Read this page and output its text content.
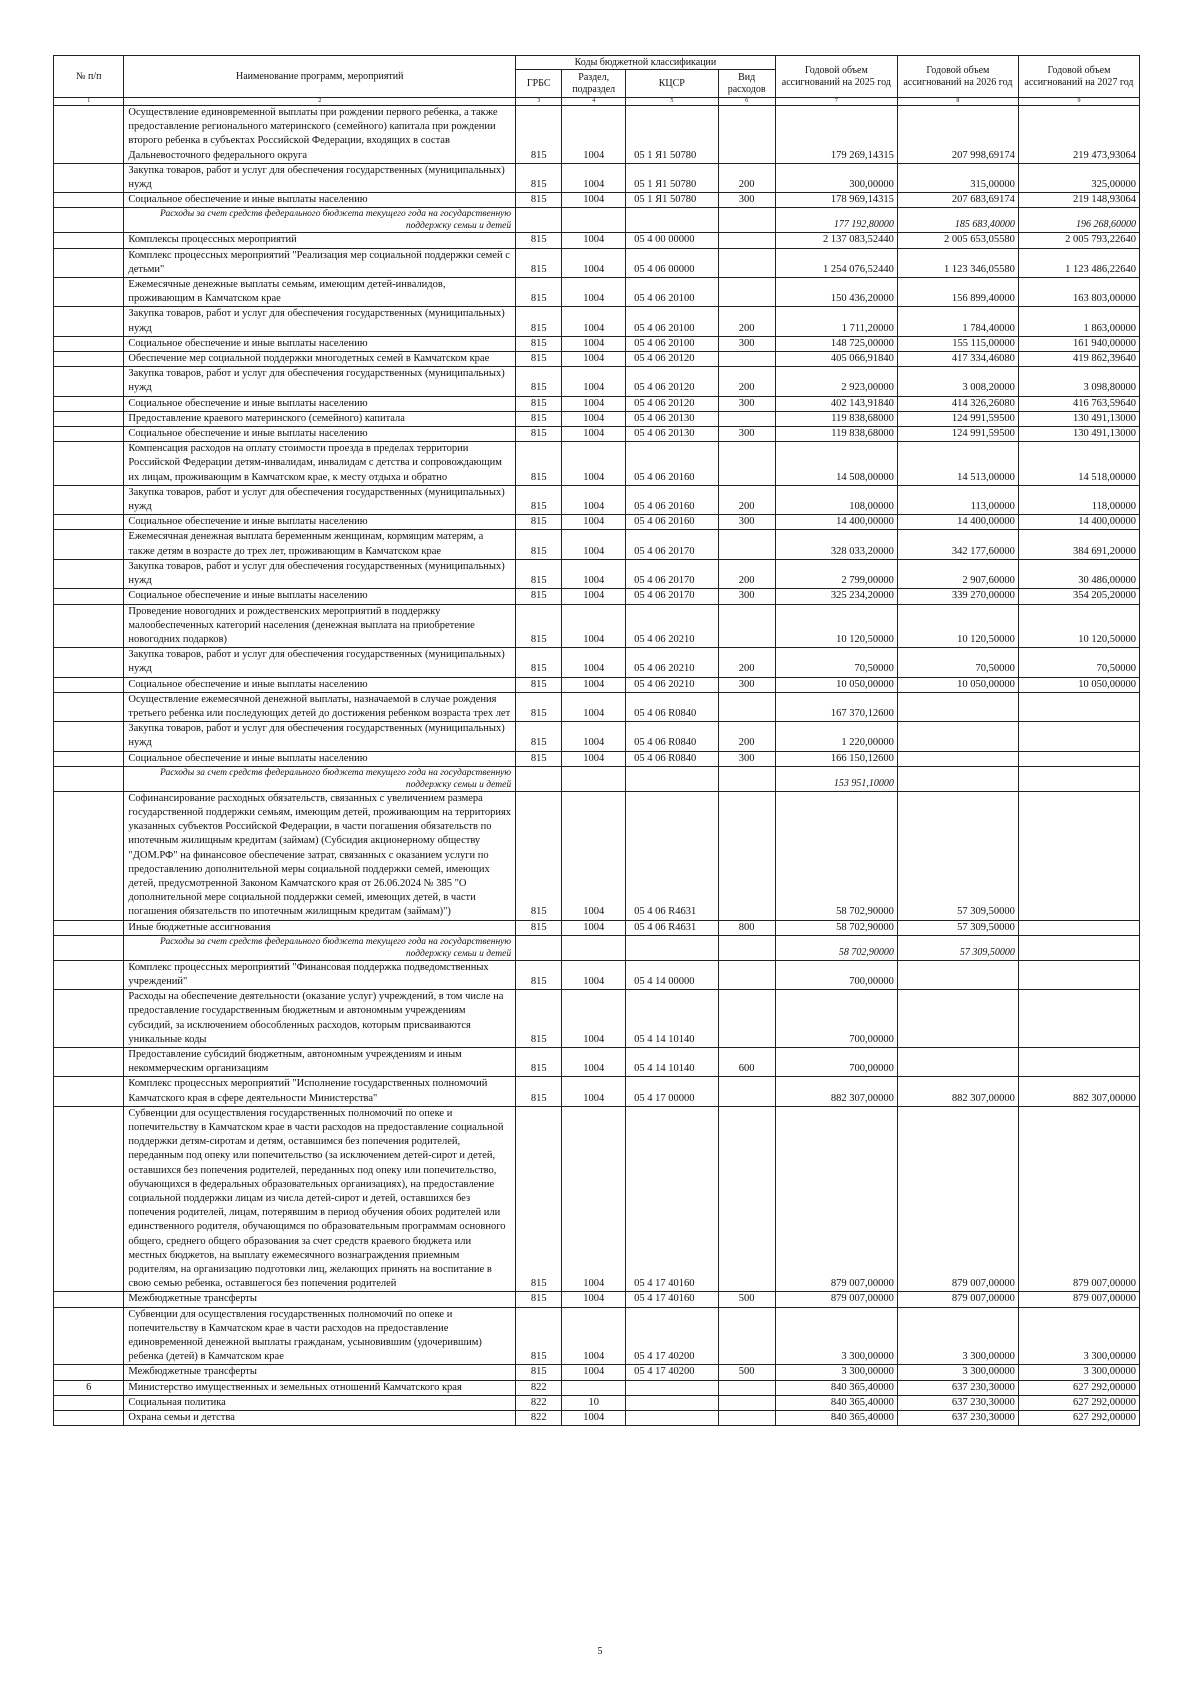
№ п/п	Наименование программ, мероприятий	Коды бюджетной классификации				Годовой объем ассигнований на 2025 год	Годовой объем ассигнований на 2026 год	Годовой объем ассигнований на 2027 год
		ГРБС	Раздел, подраздел	КЦСР	Вид расходов			
1	2	3	4	5	6	7	8	9
	Осуществление единовременной выплаты при рождении первого ребенка, а также предоставление регионального материнского (семейного) капитала при рождении второго ребенка в субъектах Российской Федерации, входящих в состав Дальневосточного федерального округа	815	1004	05 1 Я1 50780		179 269,14315	207 998,69174	219 473,93064
	Закупка товаров, работ и услуг для обеспечения государственных (муниципальных) нужд	815	1004	05 1 Я1 50780	200	300,00000	315,00000	325,00000
	Социальное обеспечение и иные выплаты населению	815	1004	05 1 Я1 50780	300	178 969,14315	207 683,69174	219 148,93064
	Расходы за счет средств федерального бюджета текущего года на государственную поддержку семьи и детей					177 192,80000	185 683,40000	196 268,60000
	Комплексы процессных мероприятий	815	1004	05 4 00 00000		2 137 083,52440	2 005 653,05580	2 005 793,22640
	Комплекс процессных мероприятий "Реализация мер социальной поддержки семей с детьми"	815	1004	05 4 06 00000		1 254 076,52440	1 123 346,05580	1 123 486,22640
	Ежемесячные денежные выплаты семьям, имеющим детей-инвалидов, проживающим в Камчатском крае	815	1004	05 4 06 20100		150 436,20000	156 899,40000	163 803,00000
	Закупка товаров, работ и услуг для обеспечения государственных (муниципальных) нужд	815	1004	05 4 06 20100	200	1 711,20000	1 784,40000	1 863,00000
	Социальное обеспечение и иные выплаты населению	815	1004	05 4 06 20100	300	148 725,00000	155 115,00000	161 940,00000
	Обеспечение мер социальной поддержки многодетных семей в Камчатском крае	815	1004	05 4 06 20120		405 066,91840	417 334,46080	419 862,39640
	Закупка товаров, работ и услуг для обеспечения государственных (муниципальных) нужд	815	1004	05 4 06 20120	200	2 923,00000	3 008,20000	3 098,80000
	Социальное обеспечение и иные выплаты населению	815	1004	05 4 06 20120	300	402 143,91840	414 326,26080	416 763,59640
	Предоставление краевого материнского (семейного) капитала	815	1004	05 4 06 20130		119 838,68000	124 991,59500	130 491,13000
	Социальное обеспечение и иные выплаты населению	815	1004	05 4 06 20130	300	119 838,68000	124 991,59500	130 491,13000
	Компенсация расходов на оплату стоимости проезда в пределах территории Российской Федерации детям-инвалидам, инвалидам с детства и сопровождающим их лицам, проживающим в Камчатском крае, к месту отдыха и обратно	815	1004	05 4 06 20160		14 508,00000	14 513,00000	14 518,00000
	Закупка товаров, работ и услуг для обеспечения государственных (муниципальных) нужд	815	1004	05 4 06 20160	200	108,00000	113,00000	118,00000
	Социальное обеспечение и иные выплаты населению	815	1004	05 4 06 20160	300	14 400,00000	14 400,00000	14 400,00000
	Ежемесячная денежная выплата беременным женщинам, кормящим матерям, а также детям в возрасте до трех лет, проживающим в Камчатском крае	815	1004	05 4 06 20170		328 033,20000	342 177,60000	384 691,20000
	Закупка товаров, работ и услуг для обеспечения государственных (муниципальных) нужд	815	1004	05 4 06 20170	200	2 799,00000	2 907,60000	30 486,00000
	Социальное обеспечение и иные выплаты населению	815	1004	05 4 06 20170	300	325 234,20000	339 270,00000	354 205,20000
	Проведение новогодних и рождественских мероприятий в поддержку малообеспеченных категорий населения (денежная выплата на приобретение новогодних подарков)	815	1004	05 4 06 20210		10 120,50000	10 120,50000	10 120,50000
	Закупка товаров, работ и услуг для обеспечения государственных (муниципальных) нужд	815	1004	05 4 06 20210	200	70,50000	70,50000	70,50000
	Социальное обеспечение и иные выплаты населению	815	1004	05 4 06 20210	300	10 050,00000	10 050,00000	10 050,00000
	Осуществление ежемесячной денежной выплаты, назначаемой в случае рождения третьего ребенка или последующих детей до достижения ребенком возраста трех лет	815	1004	05 4 06 R0840		167 370,12600		
	Закупка товаров, работ и услуг для обеспечения государственных (муниципальных) нужд	815	1004	05 4 06 R0840	200	1 220,00000		
	Социальное обеспечение и иные выплаты населению	815	1004	05 4 06 R0840	300	166 150,12600		
	Расходы за счет средств федерального бюджета текущего года на государственную поддержку семьи и детей					153 951,10000		
	Софинансирование расходных обязательств, связанных с увеличением размера государственной поддержки семьям, имеющим детей, проживающим на территориях указанных субъектов Российской Федерации, в части погашения обязательств по ипотечным жилищным кредитам (займам) (Субсидия акционерному обществу "ДОМ.РФ" на финансовое обеспечение затрат, связанных с оказанием услуги по предоставлению дополнительной меры социальной поддержки семей, имеющих детей, предусмотренной Законом Камчатского края от 26.06.2024 № 385 "О дополнительной мере социальной поддержки семей, имеющих детей, в части погашения обязательств по ипотечным жилищным кредитам (займам)")	815	1004	05 4 06 R4631		58 702,90000	57 309,50000	
	Иные бюджетные ассигнования	815	1004	05 4 06 R4631	800	58 702,90000	57 309,50000	
	Расходы за счет средств федерального бюджета текущего года на государственную поддержку семьи и детей					58 702,90000	57 309,50000	
	Комплекс процессных мероприятий "Финансовая поддержка подведомственных учреждений"	815	1004	05 4 14 00000		700,00000		
	Расходы на обеспечение деятельности (оказание услуг) учреждений, в том числе на предоставление государственным бюджетным и автономным учреждениям субсидий, за исключением обособленных расходов, которым присваиваются уникальные коды	815	1004	05 4 14 10140		700,00000		
	Предоставление субсидий бюджетным, автономным учреждениям и иным некоммерческим организациям	815	1004	05 4 14 10140	600	700,00000		
	Комплекс процессных мероприятий "Исполнение государственных полномочий Камчатского края в сфере деятельности Министерства"	815	1004	05 4 17 00000		882 307,00000	882 307,00000	882 307,00000
	Субвенции для осуществления государственных полномочий по опеке и попечительству в Камчатском крае в части расходов на предоставление социальной поддержки детям-сиротам и детям, оставшимся без попечения родителей, переданным под опеку или попечительство (за исключением детей-сирот и детей, оставшихся без попечения родителей, переданных под опеку или попечительство, обучающихся в федеральных образовательных организациях), на предоставление социальной поддержки лицам из числа детей-сирот и детей, оставшихся без попечения родителей, лицам, потерявшим в период обучения обоих родителей или единственного родителя, обучающимся по образовательным программам основного общего, среднего общего образования за счет средств краевого бюджета или местных бюджетов, на выплату ежемесячного вознаграждения приемным родителям, на организацию подготовки лиц, желающих принять на воспитание в свою семью ребенка, оставшегося без попечения родителей	815	1004	05 4 17 40160		879 007,00000	879 007,00000	879 007,00000
	Межбюджетные трансферты	815	1004	05 4 17 40160	500	879 007,00000	879 007,00000	879 007,00000
	Субвенции для осуществления государственных полномочий по опеке и попечительству в Камчатском крае в части расходов на предоставление единовременной денежной выплаты гражданам, усыновившим (удочерившим) ребенка (детей) в Камчатском крае	815	1004	05 4 17 40200		3 300,00000	3 300,00000	3 300,00000
	Межбюджетные трансферты	815	1004	05 4 17 40200	500	3 300,00000	3 300,00000	3 300,00000
6	Министерство имущественных и земельных отношений Камчатского края	822				840 365,40000	637 230,30000	627 292,00000
	Социальная политика	822	10			840 365,40000	637 230,30000	627 292,00000
	Охрана семьи и детства	822	1004			840 365,40000	637 230,30000	627 292,00000
5
